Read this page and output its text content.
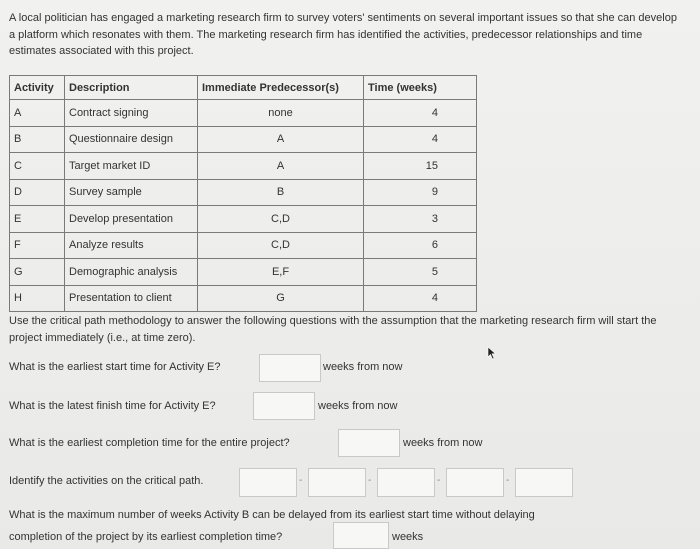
A local politician has engaged a marketing research firm to survey voters' sentiments on several important issues so that she can develop a platform which resonates with them. The marketing research firm has identified the activities, predecessor relationships and time estimates associated with this project.
Activity	Description	Immediate Predecessor(s)	Time (weeks)
A	Contract signing	none	4
B	Questionnaire design	A	4
C	Target market ID	A	15
D	Survey sample	B	9
E	Develop presentation	C,D	3
F	Analyze results	C,D	6
G	Demographic analysis	E,F	5
H	Presentation to client	G	4
Use the critical path methodology to answer the following questions with the assumption that the marketing research firm will start the project immediately (i.e., at time zero).
What is the earliest start time for Activity E?	weeks from now
What is the latest finish time for Activity E?	weeks from now
What is the earliest completion time for the entire project?	weeks from now
Identify the activities on the critical path.	-	-	-	-
What is the maximum number of weeks Activity B can be delayed from its earliest start time without delaying
completion of the project by its earliest completion time?	weeks
